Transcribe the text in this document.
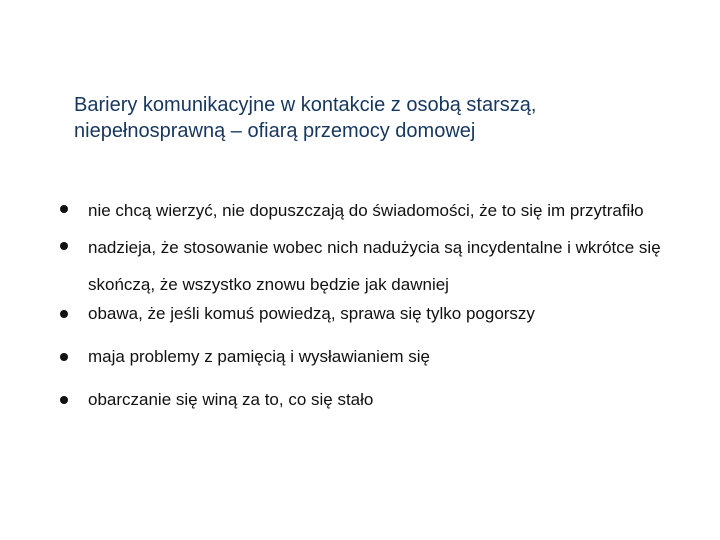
Bariery komunikacyjne w kontakcie z osobą starszą,
niepełnosprawną – ofiarą przemocy domowej
nie chcą wierzyć, nie dopuszczają do świadomości, że to się im przytrafiło
nadzieja, że stosowanie wobec nich nadużycia są incydentalne i wkrótce się skończą, że wszystko znowu będzie jak dawniej
obawa, że jeśli komuś powiedzą, sprawa się tylko pogorszy
maja problemy z pamięcią i wysławianiem się
obarczanie się winą za to, co się stało
